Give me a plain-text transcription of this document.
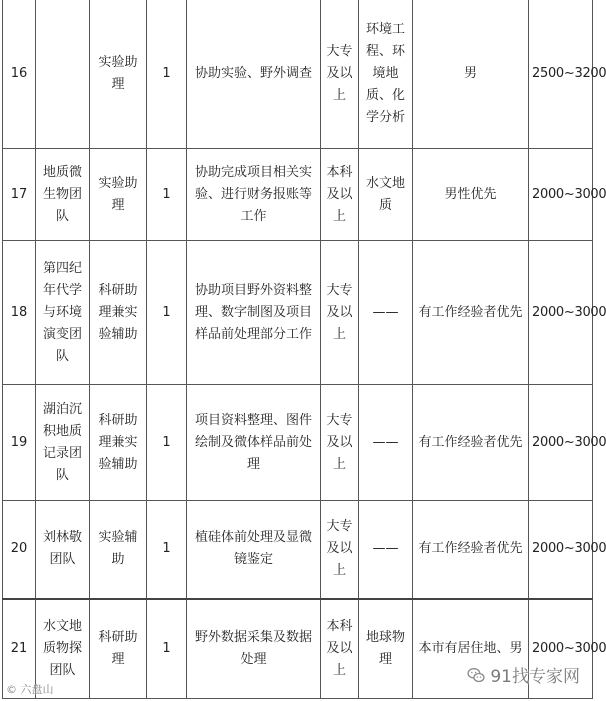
16		实验助理	1	协助实验、野外调查	大专及以上	环境工程、环境地质、化学分析	男	2500~3200
17	地质微生物团队	实验助理	1	协助完成项目相关实验、进行财务报账等工作	本科及以上	水文地质	男性优先	2000~3000
18	第四纪年代学与环境演变团队	科研助理兼实验辅助	1	协助项目野外资料整理、数字制图及项目样品前处理部分工作	大专及以上	——	有工作经验者优先	2000~3000
19	湖泊沉积地质记录团队	科研助理兼实验辅助	1	项目资料整理、图件绘制及微体样品前处理	大专及以上	——	有工作经验者优先	2000~3000
20	刘林敬团队	实验辅助	1	植硅体前处理及显微镜鉴定	大专及以上	——	有工作经验者优先	2000~3000
21	水文地质物探团队	科研助理	1	野外数据采集及数据处理	本科及以上	地球物理	本市有居住地、男	2000~3000
© 六盘山
91找专家网
